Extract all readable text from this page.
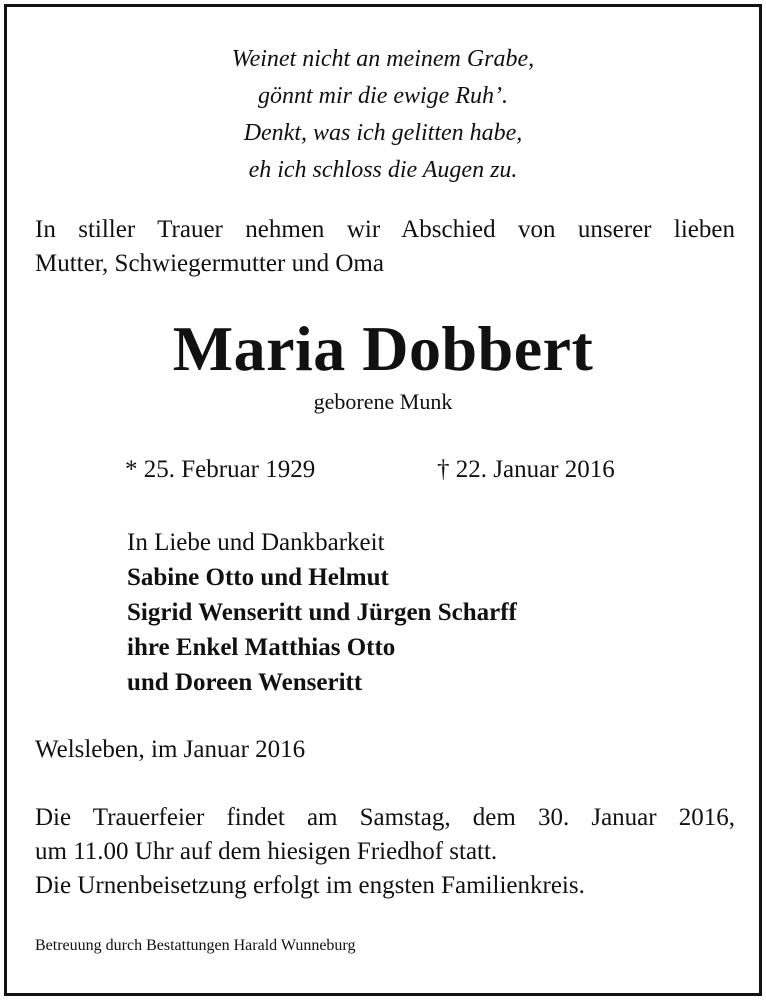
Weinet nicht an meinem Grabe,
gönnt mir die ewige Ruh’.
Denkt, was ich gelitten habe,
eh ich schloss die Augen zu.
In stiller Trauer nehmen wir Abschied von unserer lieben
Mutter, Schwiegermutter und Oma
Maria Dobbert
geborene Munk
* 25. Februar 1929	† 22. Januar 2016
In Liebe und Dankbarkeit
Sabine Otto und Helmut
Sigrid Wenseritt und Jürgen Scharff
ihre Enkel Matthias Otto
und Doreen Wenseritt
Welsleben, im Januar 2016
Die Trauerfeier findet am Samstag, dem 30. Januar 2016,
um 11.00 Uhr auf dem hiesigen Friedhof statt.
Die Urnenbeisetzung erfolgt im engsten Familienkreis.
Betreuung durch Bestattungen Harald Wunneburg
